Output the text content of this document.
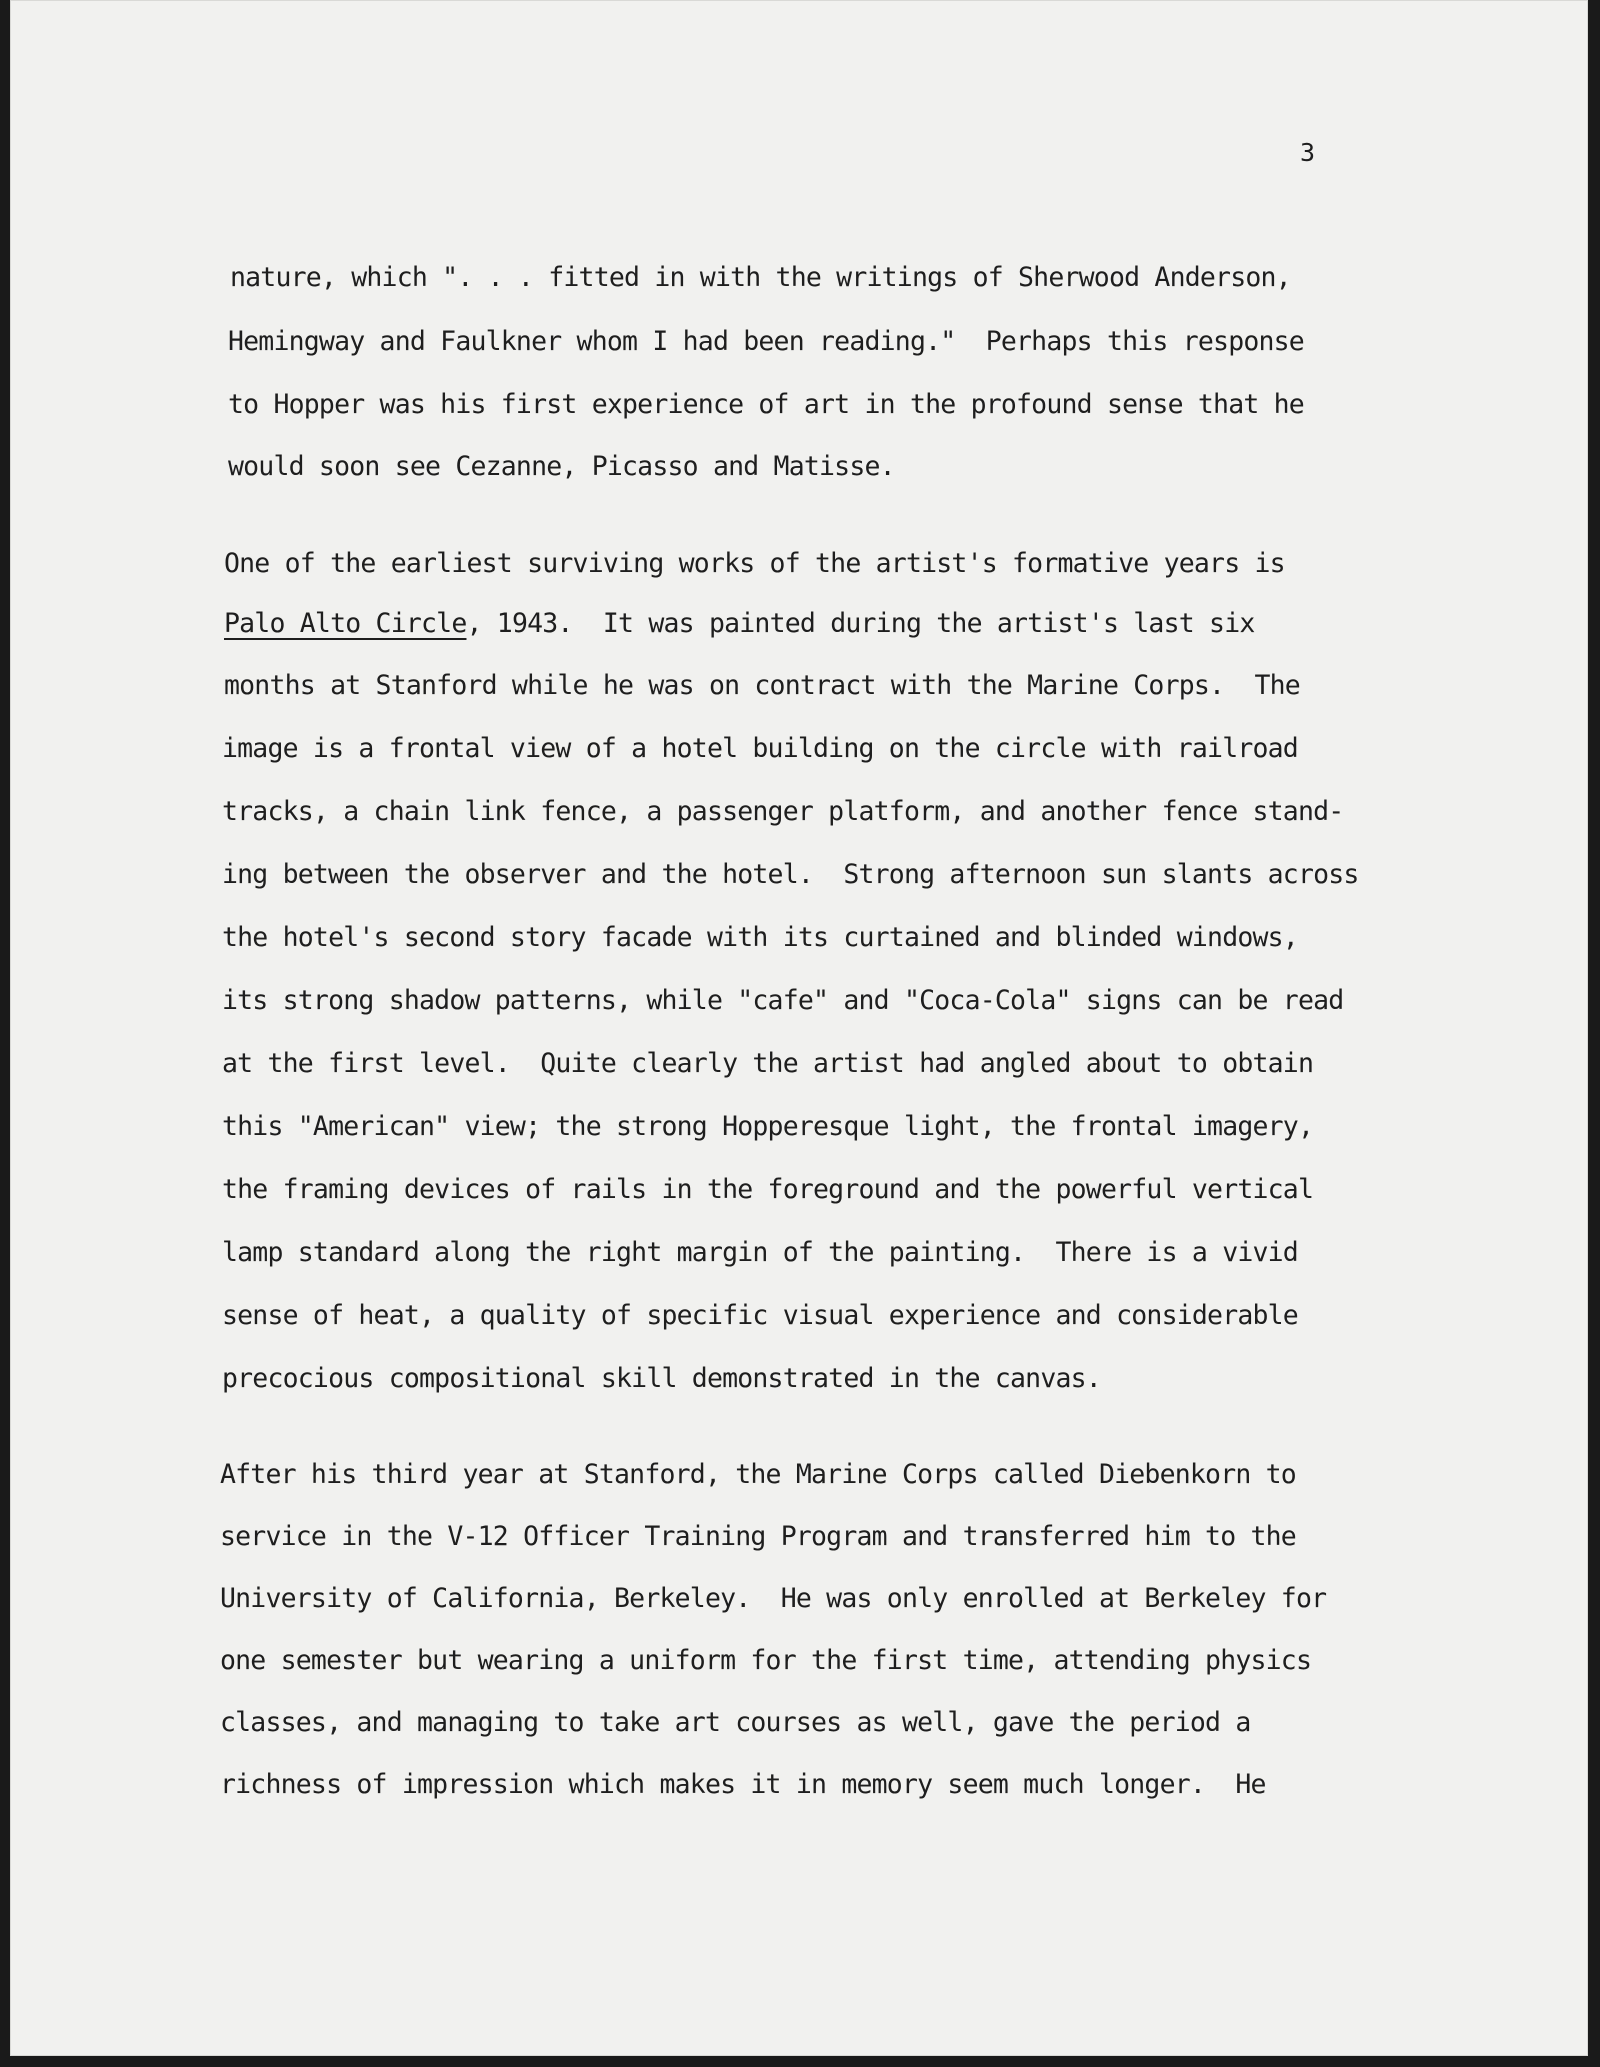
3

nature, which ". . . fitted in with the writings of Sherwood Anderson,

Hemingway and Faulkner whom I had been reading."  Perhaps this response

to Hopper was his first experience of art in the profound sense that he

would soon see Cezanne, Picasso and Matisse.

One of the earliest surviving works of the artist's formative years is

Palo Alto Circle, 1943.  It was painted during the artist's last six

months at Stanford while he was on contract with the Marine Corps.  The

image is a frontal view of a hotel building on the circle with railroad

tracks, a chain link fence, a passenger platform, and another fence stand-

ing between the observer and the hotel.  Strong afternoon sun slants across

the hotel's second story facade with its curtained and blinded windows,

its strong shadow patterns, while "cafe" and "Coca-Cola" signs can be read

at the first level.  Quite clearly the artist had angled about to obtain

this "American" view; the strong Hopperesque light, the frontal imagery,

the framing devices of rails in the foreground and the powerful vertical

lamp standard along the right margin of the painting.  There is a vivid

sense of heat, a quality of specific visual experience and considerable

precocious compositional skill demonstrated in the canvas.

After his third year at Stanford, the Marine Corps called Diebenkorn to

service in the V-12 Officer Training Program and transferred him to the

University of California, Berkeley.  He was only enrolled at Berkeley for

one semester but wearing a uniform for the first time, attending physics

classes, and managing to take art courses as well, gave the period a

richness of impression which makes it in memory seem much longer.  He
